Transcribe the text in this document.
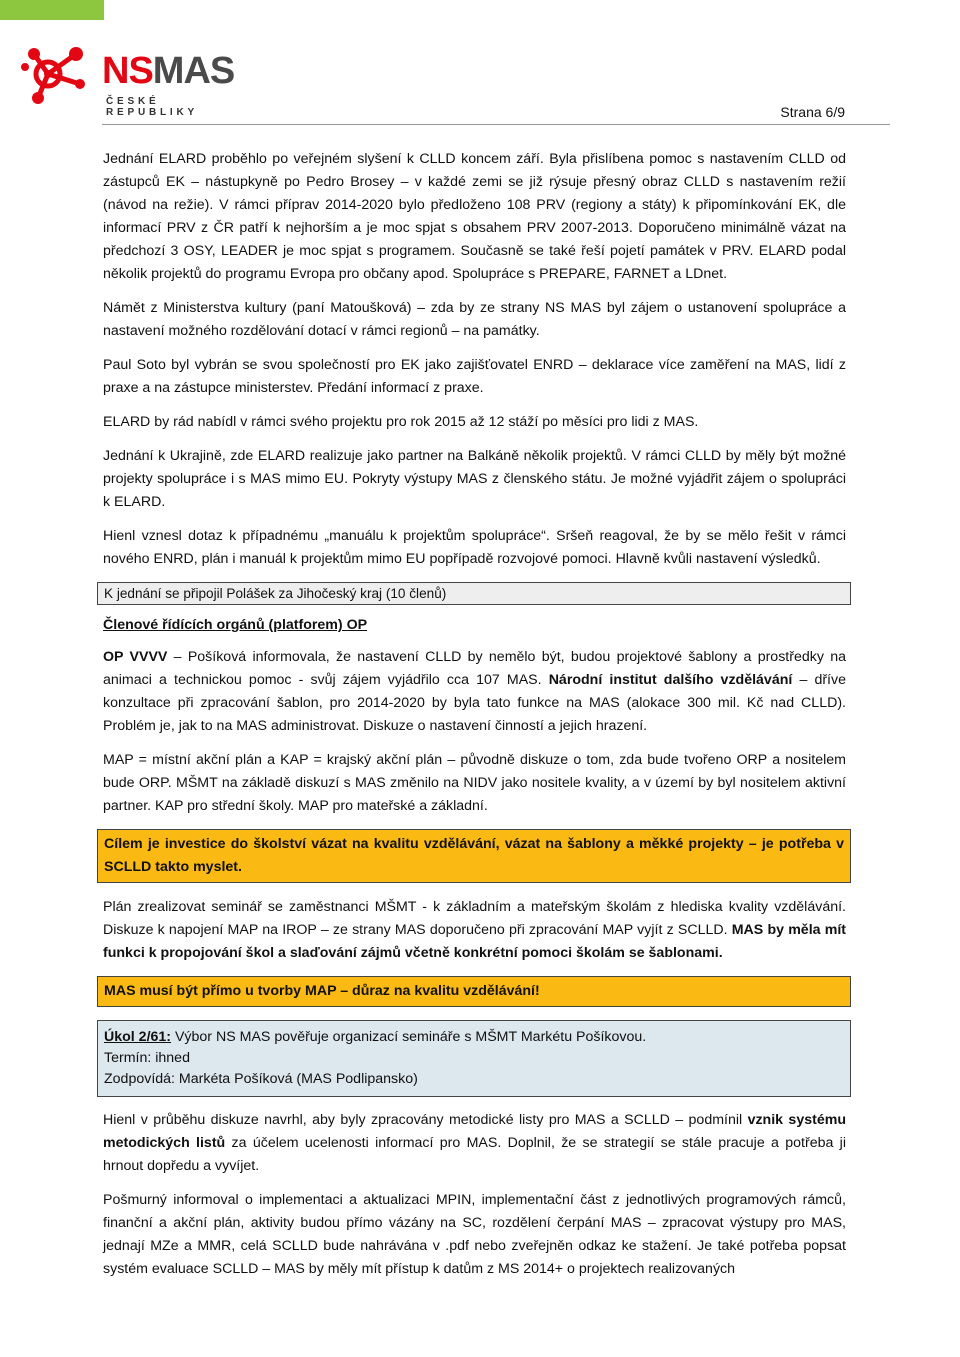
NSMAS
ČESKÉ REPUBLIKY	Strana 6/9

Jednání ELARD proběhlo po veřejném slyšení k CLLD koncem září. Byla přislíbena pomoc s nastavením CLLD od zástupců EK – nástupkyně po Pedro Brosey – v každé zemi se již rýsuje přesný obraz CLLD s nastavením režií (návod na režie). V rámci příprav 2014-2020 bylo předloženo 108 PRV (regiony a státy) k připomínkování EK, dle informací PRV z ČR patří k nejhorším a je moc spjat s obsahem PRV 2007-2013. Doporučeno minimálně vázat na předchozí 3 OSY, LEADER je moc spjat s programem. Současně se také řeší pojetí památek v PRV. ELARD podal několik projektů do programu Evropa pro občany apod. Spolupráce s PREPARE, FARNET a LDnet.

Námět z Ministerstva kultury (paní Matoušková) – zda by ze strany NS MAS byl zájem o ustanovení spolupráce a nastavení možného rozdělování dotací v rámci regionů – na památky.

Paul Soto byl vybrán se svou společností pro EK jako zajišťovatel ENRD – deklarace více zaměření na MAS, lidí z praxe a na zástupce ministerstev. Předání informací z praxe.

ELARD by rád nabídl v rámci svého projektu pro rok 2015 až 12 stáží po měsíci pro lidi z MAS.

Jednání k Ukrajině, zde ELARD realizuje jako partner na Balkáně několik projektů. V rámci CLLD by měly být možné projekty spolupráce i s MAS mimo EU. Pokryty výstupy MAS z členského státu. Je možné vyjádřit zájem o spolupráci k ELARD.

Hienl vznesl dotaz k případnému „manuálu k projektům spolupráce“. Sršeň reagoval, že by se mělo řešit v rámci nového ENRD, plán i manuál k projektům mimo EU popřípadě rozvojové pomoci. Hlavně kvůli nastavení výsledků.

K jednání se připojil Polášek za Jihočeský kraj (10 členů)

Členové řídících orgánů (platforem) OP

OP VVVV – Pošíková informovala, že nastavení CLLD by nemělo být, budou projektové šablony a prostředky na animaci a technickou pomoc - svůj zájem vyjádřilo cca 107 MAS. Národní institut dalšího vzdělávání – dříve konzultace při zpracování šablon, pro 2014-2020 by byla tato funkce na MAS (alokace 300 mil. Kč nad CLLD). Problém je, jak to na MAS administrovat. Diskuze o nastavení činností a jejich hrazení.

MAP = místní akční plán a KAP = krajský akční plán – původně diskuze o tom, zda bude tvořeno ORP a nositelem bude ORP. MŠMT na základě diskuzí s MAS změnilo na NIDV jako nositele kvality, a v území by byl nositelem aktivní partner. KAP pro střední školy. MAP pro mateřské a základní.

Cílem je investice do školství vázat na kvalitu vzdělávání, vázat na šablony a měkké projekty – je potřeba v SCLLD takto myslet.

Plán zrealizovat seminář se zaměstnanci MŠMT - k základním a mateřským školám z hlediska kvality vzdělávání. Diskuze k napojení MAP na IROP – ze strany MAS doporučeno při zpracování MAP vyjít z SCLLD. MAS by měla mít funkci k propojování škol a slaďování zájmů včetně konkrétní pomoci školám se šablonami.

MAS musí být přímo u tvorby MAP – důraz na kvalitu vzdělávání!

Úkol 2/61: Výbor NS MAS pověřuje organizací semináře s MŠMT Markétu Pošíkovou.
Termín: ihned
Zodpovídá: Markéta Pošíková (MAS Podlipansko)

Hienl v průběhu diskuze navrhl, aby byly zpracovány metodické listy pro MAS a SCLLD – podmínil vznik systému metodických listů za účelem ucelenosti informací pro MAS. Doplnil, že se strategií se stále pracuje a potřeba ji hrnout dopředu a vyvíjet.

Pošmurný informoval o implementaci a aktualizaci MPIN, implementační část z jednotlivých programových rámců, finanční a akční plán, aktivity budou přímo vázány na SC, rozdělení čerpání MAS – zpracovat výstupy pro MAS, jednají MZe a MMR, celá SCLLD bude nahrávána v .pdf nebo zveřejněn odkaz ke stažení. Je také potřeba popsat systém evaluace SCLLD – MAS by měly mít přístup k datům z MS 2014+ o projektech realizovaných
